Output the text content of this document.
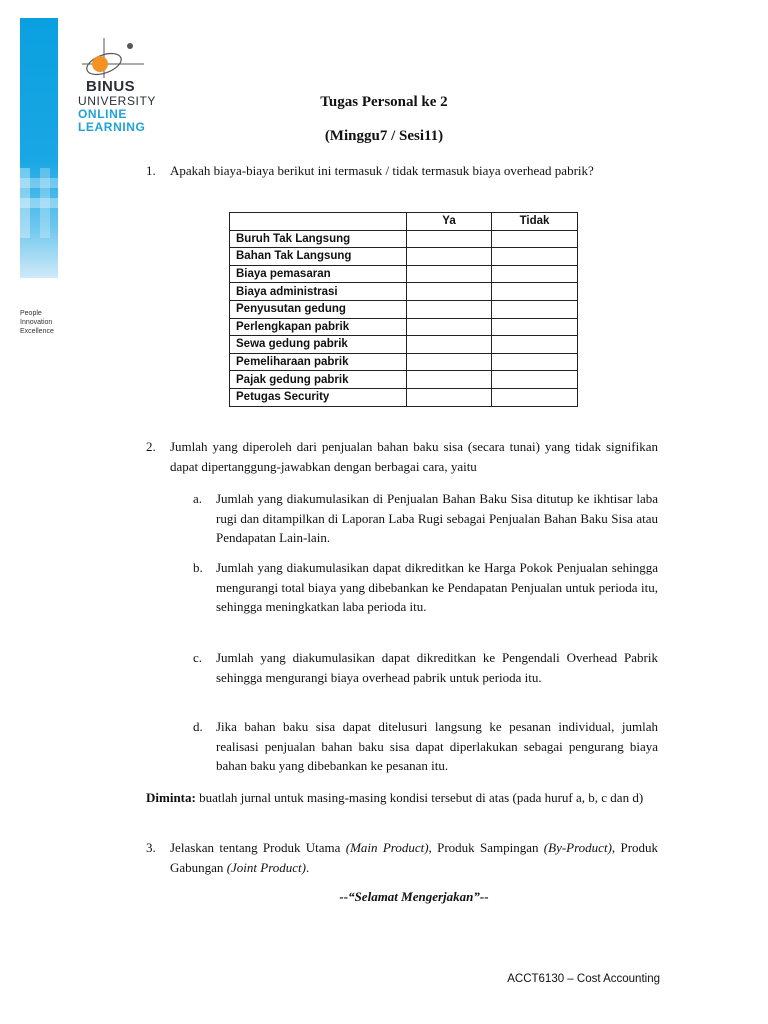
BINUS
UNIVERSITY
ONLINE
LEARNING
People
Innovation
Excellence
Tugas Personal ke 2
(Minggu7 / Sesi11)
1. Apakah biaya-biaya berikut ini termasuk / tidak termasuk biaya overhead pabrik?
	Ya	Tidak
Buruh Tak Langsung		
Bahan Tak Langsung		
Biaya pemasaran		
Biaya administrasi		
Penyusutan gedung		
Perlengkapan pabrik		
Sewa gedung pabrik		
Pemeliharaan pabrik		
Pajak gedung pabrik		
Petugas Security		
2. Jumlah yang diperoleh dari penjualan bahan baku sisa (secara tunai) yang tidak signifikan dapat dipertanggung-jawabkan dengan berbagai cara, yaitu
a. Jumlah yang diakumulasikan di Penjualan Bahan Baku Sisa ditutup ke ikhtisar laba rugi dan ditampilkan di Laporan Laba Rugi sebagai Penjualan Bahan Baku Sisa atau Pendapatan Lain-lain.
b. Jumlah yang diakumulasikan dapat dikreditkan ke Harga Pokok Penjualan sehingga mengurangi total biaya yang dibebankan ke Pendapatan Penjualan untuk perioda itu, sehingga meningkatkan laba perioda itu.
c. Jumlah yang diakumulasikan dapat dikreditkan ke Pengendali Overhead Pabrik sehingga mengurangi biaya overhead pabrik untuk perioda itu.
d. Jika bahan baku sisa dapat ditelusuri langsung ke pesanan individual, jumlah realisasi penjualan bahan baku sisa dapat diperlakukan sebagai pengurang biaya bahan baku yang dibebankan ke pesanan itu.
Diminta: buatlah jurnal untuk masing-masing kondisi tersebut di atas (pada huruf a, b, c dan d)
3. Jelaskan tentang Produk Utama (Main Product), Produk Sampingan (By-Product), Produk Gabungan (Joint Product).
--“Selamat Mengerjakan”--
ACCT6130 – Cost Accounting
